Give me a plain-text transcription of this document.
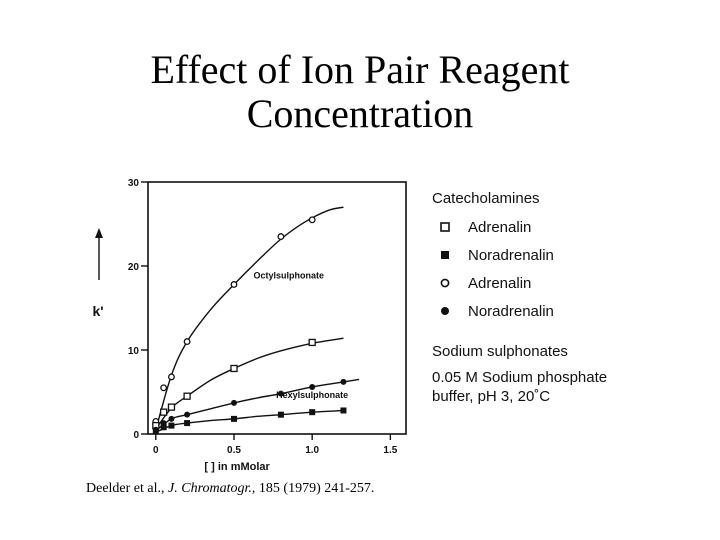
Effect of Ion Pair Reagent
Concentration
0
10
20
30
0	0.5	1.0	1.5
[ ] in mMolar
k'
Octylsulphonate
Hexylsulphonate
Catecholamines
Adrenalin
Noradrenalin
Adrenalin
Noradrenalin
Sodium sulphonates
0.05 M Sodium phosphate buffer, pH 3, 20˚C
Deelder et al., J. Chromatogr., 185 (1979) 241-257.
